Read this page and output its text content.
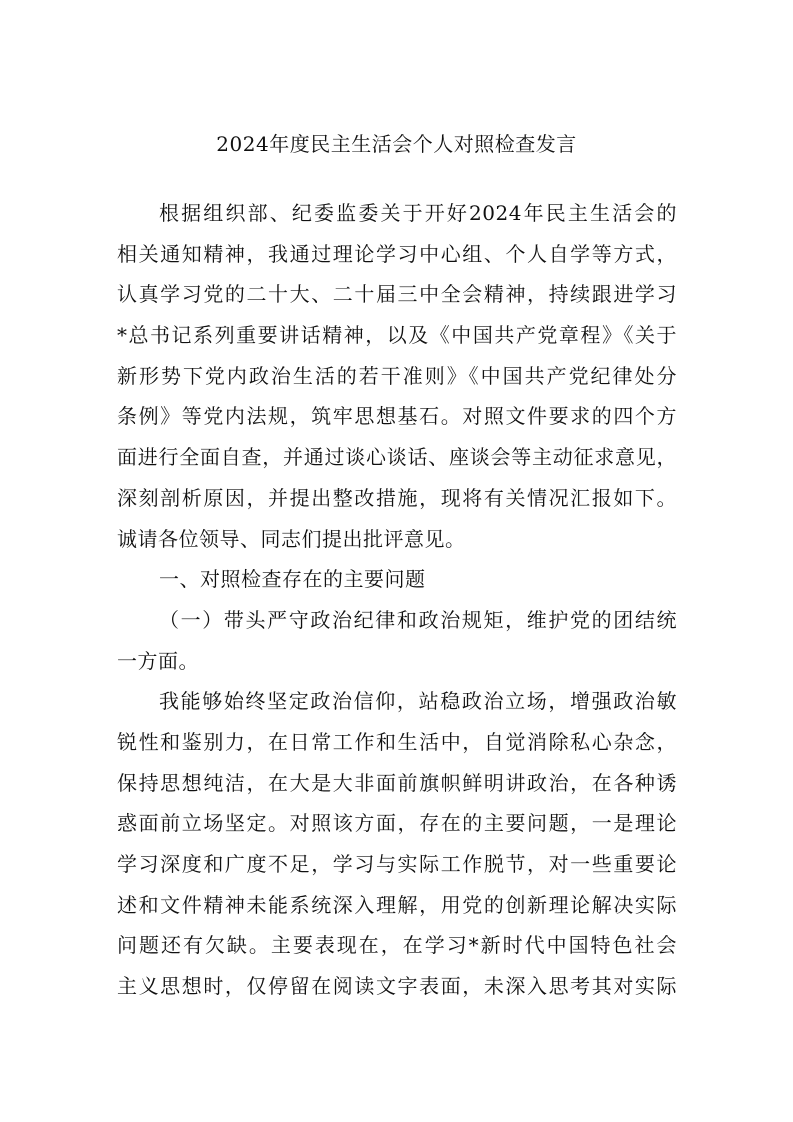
2024年度民主生活会个人对照检查发言
根据组织部、纪委监委关于开好2024年民主生活会的
相关通知精神，我通过理论学习中心组、个人自学等方式，
认真学习党的二十大、二十届三中全会精神，持续跟进学习
*总书记系列重要讲话精神，以及《中国共产党章程》《关于
新形势下党内政治生活的若干准则》《中国共产党纪律处分
条例》等党内法规，筑牢思想基石。对照文件要求的四个方
面进行全面自查，并通过谈心谈话、座谈会等主动征求意见，
深刻剖析原因，并提出整改措施，现将有关情况汇报如下。
诚请各位领导、同志们提出批评意见。
一、对照检查存在的主要问题
（一）带头严守政治纪律和政治规矩，维护党的团结统
一方面。
我能够始终坚定政治信仰，站稳政治立场，增强政治敏
锐性和鉴别力，在日常工作和生活中，自觉消除私心杂念，
保持思想纯洁，在大是大非面前旗帜鲜明讲政治，在各种诱
惑面前立场坚定。对照该方面，存在的主要问题，一是理论
学习深度和广度不足，学习与实际工作脱节，对一些重要论
述和文件精神未能系统深入理解，用党的创新理论解决实际
问题还有欠缺。主要表现在，在学习*新时代中国特色社会
主义思想时，仅停留在阅读文字表面，未深入思考其对实际
